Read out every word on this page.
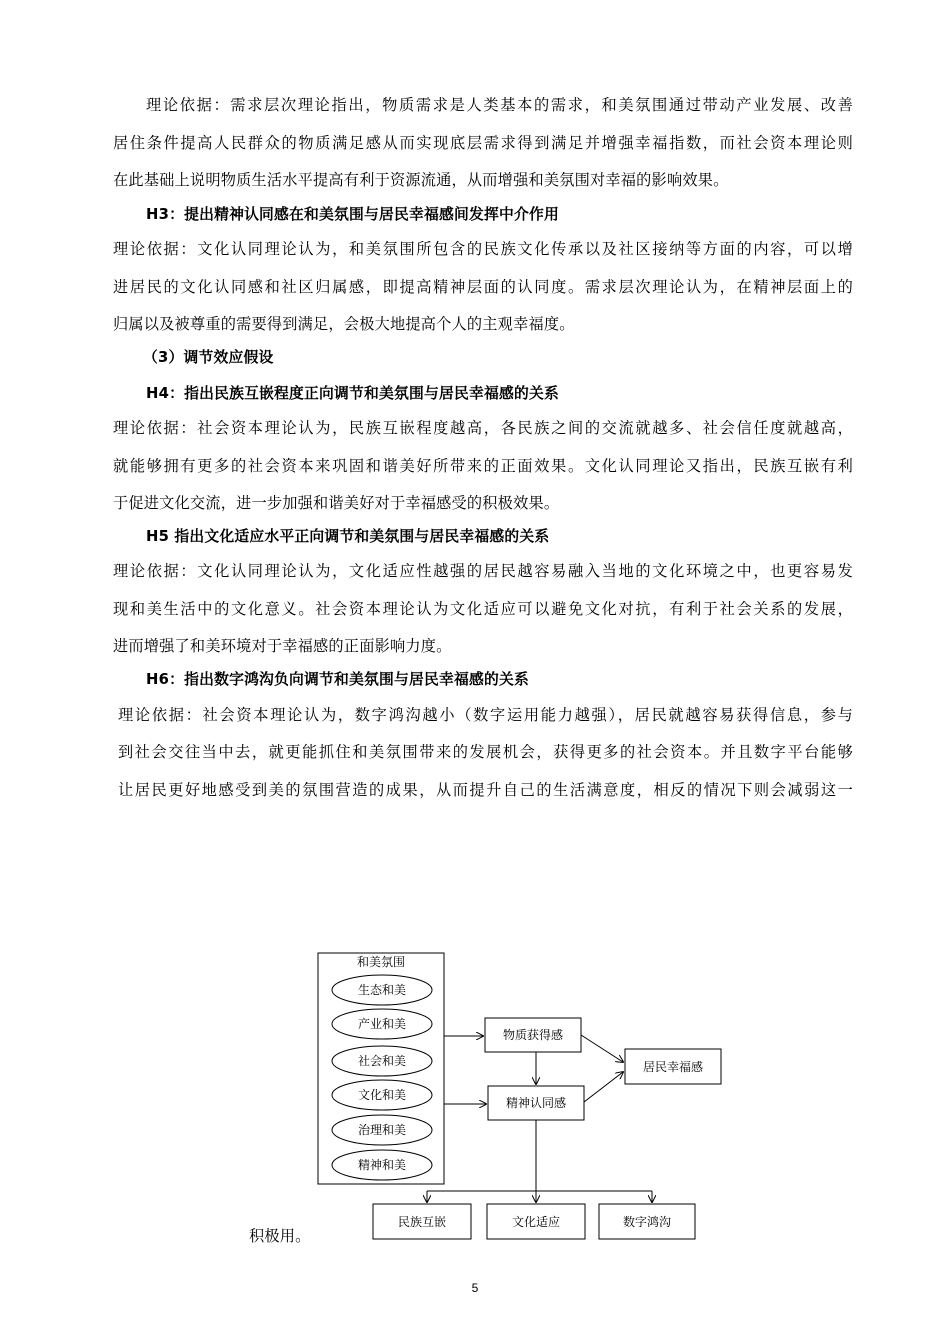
理论依据：需求层次理论指出，物质需求是人类基本的需求，和美氛围通过带动产业发展、改善
居住条件提高人民群众的物质满足感从而实现底层需求得到满足并增强幸福指数，而社会资本理论则
在此基础上说明物质生活水平提高有利于资源流通，从而增强和美氛围对幸福的影响效果。
H3：提出精神认同感在和美氛围与居民幸福感间发挥中介作用
理论依据：文化认同理论认为，和美氛围所包含的民族文化传承以及社区接纳等方面的内容，可以增
进居民的文化认同感和社区归属感，即提高精神层面的认同度。需求层次理论认为，在精神层面上的
归属以及被尊重的需要得到满足，会极大地提高个人的主观幸福度。
（3）调节效应假设
H4：指出民族互嵌程度正向调节和美氛围与居民幸福感的关系
理论依据：社会资本理论认为，民族互嵌程度越高，各民族之间的交流就越多、社会信任度就越高，
就能够拥有更多的社会资本来巩固和谐美好所带来的正面效果。文化认同理论又指出，民族互嵌有利
于促进文化交流，进一步加强和谐美好对于幸福感受的积极效果。
H5 指出文化适应水平正向调节和美氛围与居民幸福感的关系
理论依据：文化认同理论认为，文化适应性越强的居民越容易融入当地的文化环境之中，也更容易发
现和美生活中的文化意义。社会资本理论认为文化适应可以避免文化对抗，有利于社会关系的发展，
进而增强了和美环境对于幸福感的正面影响力度。
H6：指出数字鸿沟负向调节和美氛围与居民幸福感的关系
理论依据：社会资本理论认为，数字鸿沟越小（数字运用能力越强），居民就越容易获得信息，参与
到社会交往当中去，就更能抓住和美氛围带来的发展机会，获得更多的社会资本。并且数字平台能够
让居民更好地感受到美的氛围营造的成果，从而提升自己的生活满意度，相反的情况下则会减弱这一
积极用。
和美氛围
生态和美
产业和美
社会和美
文化和美
治理和美
精神和美
物质获得感
精神认同感
居民幸福感
民族互嵌	文化适应	数字鸿沟
5
